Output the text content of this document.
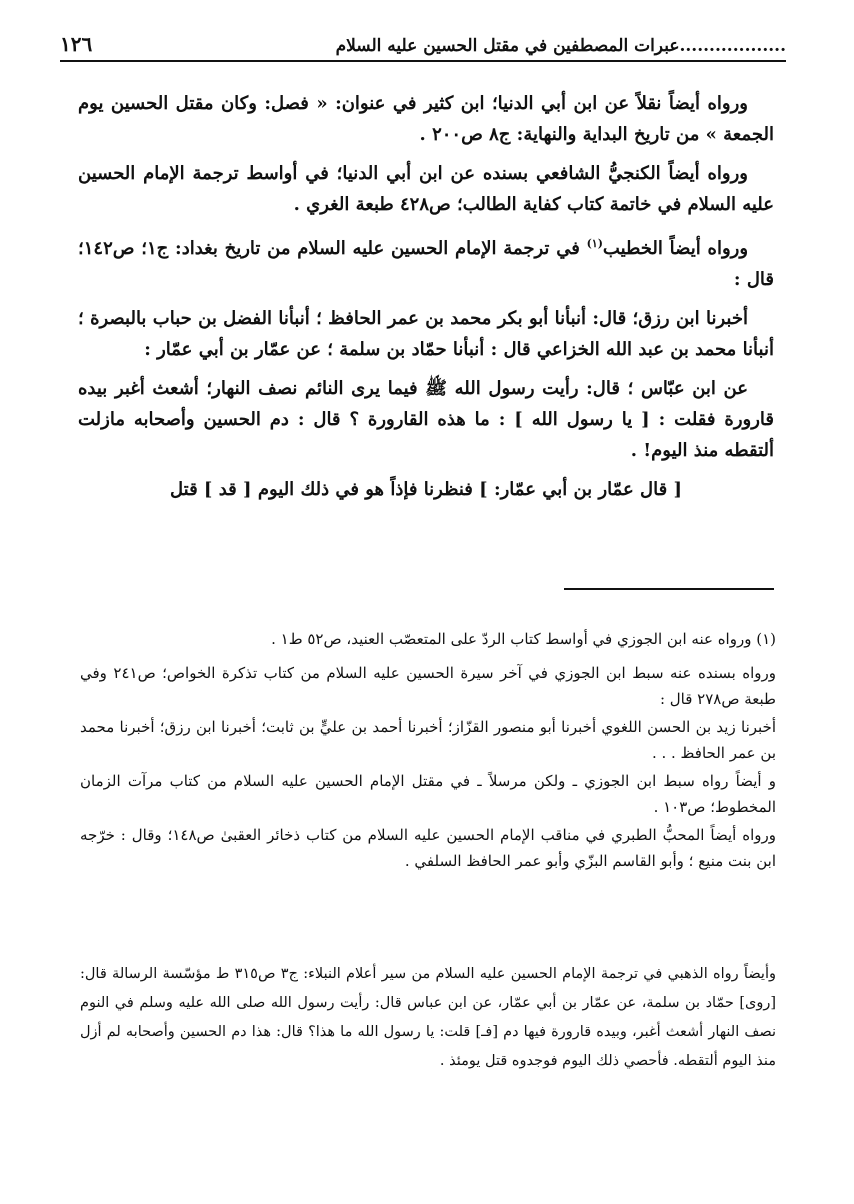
..................عبرات المصطفين في مقتل الحسين عليه السلام
١٢٦

ورواه أيضاً نقلاً عن ابن أبي الدنيا؛ ابن كثير في عنوان: « فصل: وكان مقتل الحسين يوم الجمعة » من تاريخ البداية والنهاية: ج٨ ص٢٠٠ .

ورواه أيضاً الكنجيُّ الشافعي بسنده عن ابن أبي الدنيا؛ في أواسط ترجمة الإمام الحسين عليه السلام في خاتمة كتاب كفاية الطالب؛ ص٤٢٨ طبعة الغري .

ورواه أيضاً الخطيب$^{(١)}$ في ترجمة الإمام الحسين عليه السلام من تاريخ بغداد: ج١؛ ص١٤٢؛ قال :

أخبرنا ابن رزق؛ قال: أنبأنا أبو بكر محمد بن عمر الحافظ ؛ أنبأنا الفضل بن حباب بالبصرة ؛ أنبأنا محمد بن عبد الله الخزاعي قال : أنبأنا حمّاد بن سلمة ؛ عن عمّار بن أبي عمّار :

عن ابن عبّاس ؛ قال: رأيت رسول الله ﷺ فيما يرى النائم نصف النهار؛ أشعث أغبر بيده قارورة فقلت : [ يا رسول الله ] : ما هذه القارورة ؟ قال : دم الحسين وأصحابه مازلت ألتقطه منذ اليوم! .

[ قال عمّار بن أبي عمّار: ] فنظرنا فإذاً هو في ذلك اليوم [ قد ] قتل

(١) ورواه عنه ابن الجوزي في أواسط كتاب الردّ على المتعصّب العنيد، ص٥٢ ط١ .

ورواه بسنده عنه سبط ابن الجوزي في آخر سيرة الحسين عليه السلام من كتاب تذكرة الخواص؛ ص٢٤١ وفي طبعة ص٢٧٨ قال :

أخبرنا زيد بن الحسن اللغوي أخبرنا أبو منصور القزّاز؛ أخبرنا أحمد بن عليٍّ بن ثابت؛ أخبرنا ابن رزق؛ أخبرنا محمد بن عمر الحافظ . . .

و أيضاً رواه سبط ابن الجوزي ـ ولكن مرسلاً ـ في مقتل الإمام الحسين عليه السلام من كتاب مرآت الزمان المخطوط؛ ص١٠٣ .

ورواه أيضاً المحبُّ الطبري في مناقب الإمام الحسين عليه السلام من كتاب ذخائر العقبىٰ ص١٤٨؛ وقال : خرّجه ابن بنت منيع ؛ وأبو القاسم البزّي وأبو عمر الحافظ السلفي .

وأيضاً رواه الذهبي في ترجمة الإمام الحسين عليه السلام من سير أعلام النبلاء: ج٣ ص٣١٥ ط مؤسّسة الرسالة قال: [روى] حمّاد بن سلمة، عن عمّار بن أبي عمّار، عن ابن عباس قال: رأيت رسول الله صلى الله عليه وسلم في النوم نصف النهار أشعث أغبر، وبيده قارورة فيها دم [فـ] قلت: يا رسول الله ما هذا؟ قال: هذا دم الحسين وأصحابه لم أزل منذ اليوم ألتقطه. فأحصي ذلك اليوم فوجدوه قتل يومئذ .
